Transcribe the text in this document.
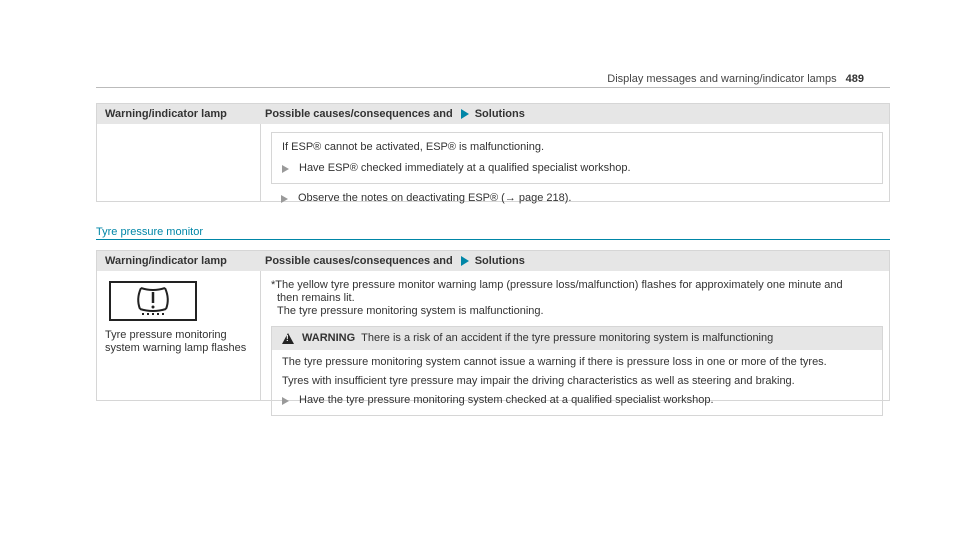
Display messages and warning/indicator lamps 489
Warning/indicator lamp	Possible causes/consequences and Solutions
If ESP® cannot be activated, ESP® is malfunctioning.
Have ESP® checked immediately at a qualified specialist workshop.
Observe the notes on deactivating ESP® (→ page 218).
Tyre pressure monitor
Warning/indicator lamp	Possible causes/consequences and Solutions
Tyre pressure monitoring system warning lamp flashes
*The yellow tyre pressure monitor warning lamp (pressure loss/malfunction) flashes for approximately one minute and
then remains lit.
The tyre pressure monitoring system is malfunctioning.
! WARNING There is a risk of an accident if the tyre pressure monitoring system is malfunctioning
The tyre pressure monitoring system cannot issue a warning if there is pressure loss in one or more of the tyres.
Tyres with insufficient tyre pressure may impair the driving characteristics as well as steering and braking.
Have the tyre pressure monitoring system checked at a qualified specialist workshop.
